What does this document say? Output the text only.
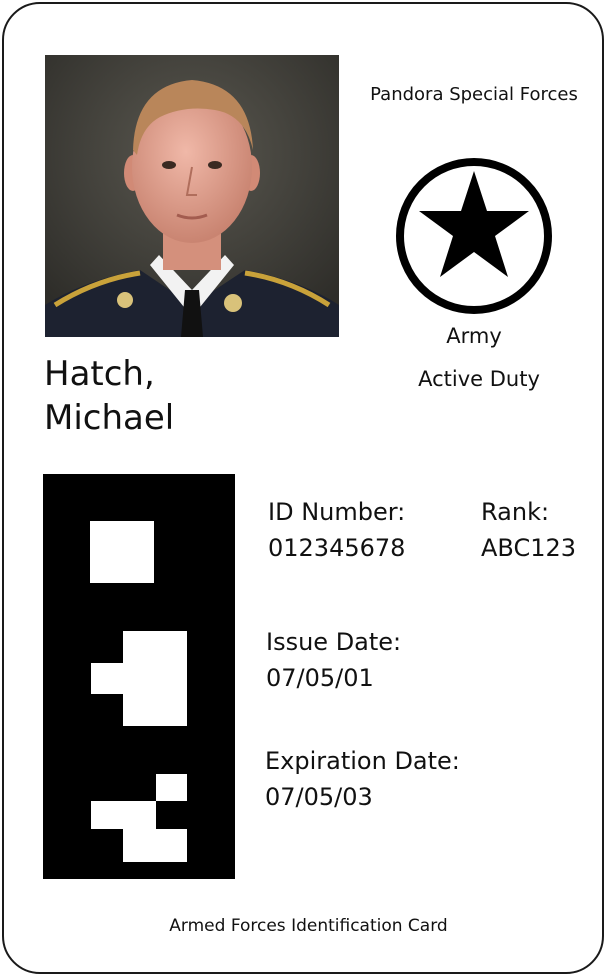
Pandora Special Forces
Army
Active Duty
Hatch,
Michael
ID Number:
012345678
Rank:
ABC123
Issue Date:
07/05/01
Expiration Date:
07/05/03
Armed Forces Identification Card
